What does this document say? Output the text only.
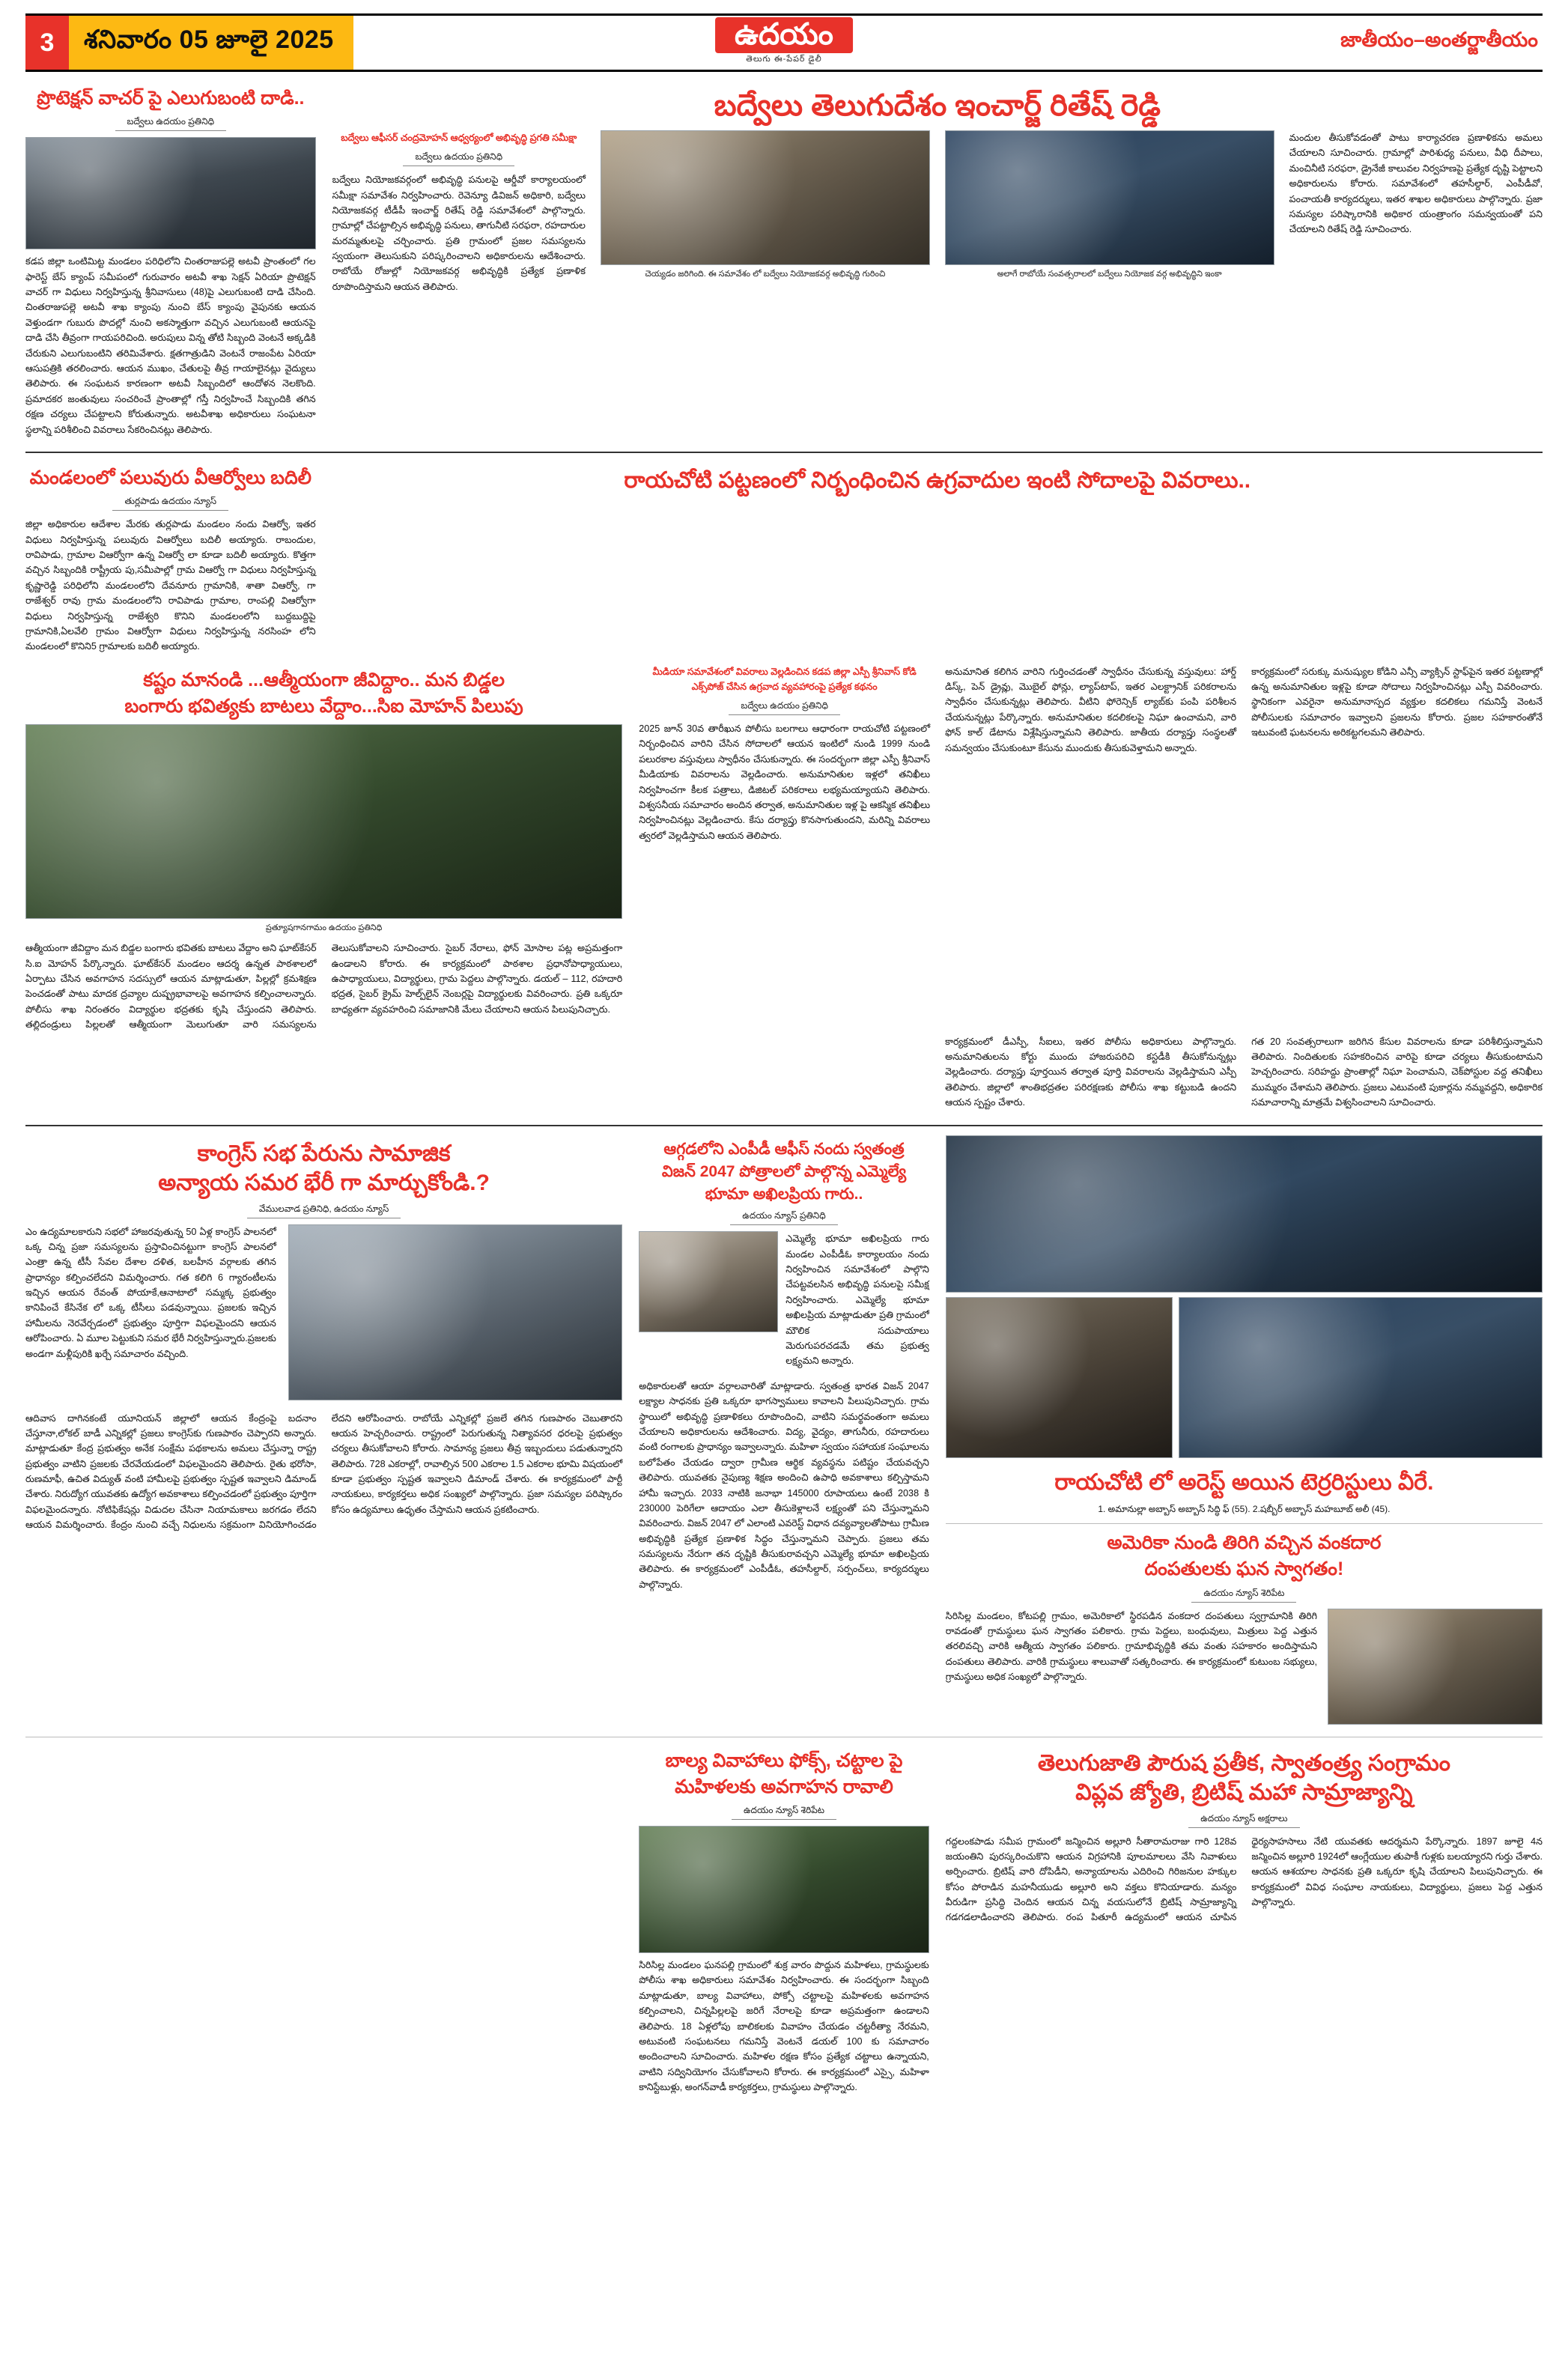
3	శనివారం 05 జూలై 2025	ఉదయం
తెలుగు ఈ-పేపర్ డైలీ
జాతీయం–అంతర్జాతీయం
ప్రొటెక్షన్ వాచర్ పై ఎలుగుబంటి దాడి..
బద్వేలు ఉదయం ప్రతినిధి

కడప జిల్లా ఒంటిమిట్ట మండలం పరిధిలోని చింతరాజుపల్లె అటవీ ప్రాంతంలో గల ఫారెస్ట్ బేస్ క్యాంప్ సమీపంలో గురువారం అటవీ శాఖ సెక్షన్ ఏరియా ప్రొటెక్షన్ వాచర్ గా విధులు నిర్వహిస్తున్న శ్రీనివాసులు (48)పై ఎలుగుబంటి దాడి చేసింది. చింతరాజుపల్లె అటవీ శాఖ క్యాంపు నుంచి బేస్ క్యాంపు వైపునకు ఆయన వెళ్తుండగా గుబురు పొదల్లో నుంచి అకస్మాత్తుగా వచ్చిన ఎలుగుబంటి ఆయనపై దాడి చేసి తీవ్రంగా గాయపరిచింది. అరుపులు విన్న తోటి సిబ్బంది వెంటనే అక్కడికి చేరుకుని ఎలుగుబంటిని తరిమివేశారు. క్షతగాత్రుడిని వెంటనే రాజంపేట ఏరియా ఆసుపత్రికి తరలించారు. ఆయన ముఖం, చేతులపై తీవ్ర గాయాలైనట్లు వైద్యులు తెలిపారు. ఈ సంఘటన కారణంగా అటవీ సిబ్బందిలో ఆందోళన నెలకొంది. ప్రమాదకర జంతువులు సంచరించే ప్రాంతాల్లో గస్తీ నిర్వహించే సిబ్బందికి తగిన రక్షణ చర్యలు చేపట్టాలని కోరుతున్నారు. అటవీశాఖ అధికారులు సంఘటనా స్థలాన్ని పరిశీలించి వివరాలు సేకరించినట్లు తెలిపారు.

బద్వేలు తెలుగుదేశం ఇంచార్జ్ రితేష్ రెడ్డి
బద్వేలు ఆఫీసర్ చంద్రమోహన్ ఆధ్వర్యంలో అభివృద్ధి ప్రగతి సమీక్షా
బద్వేలు ఉదయం ప్రతినిధి

బద్వేలు నియోజకవర్గంలో అభివృద్ధి పనులపై ఆర్డీవో కార్యాలయంలో సమీక్షా సమావేశం నిర్వహించారు. రెవెన్యూ డివిజన్ అధికారి, బద్వేలు నియోజకవర్గ టీడీపీ ఇంచార్జ్ రితేష్ రెడ్డి సమావేశంలో పాల్గొన్నారు. గ్రామాల్లో చేపట్టాల్సిన అభివృద్ధి పనులు, తాగునీటి సరఫరా, రహదారుల మరమ్మతులపై చర్చించారు. ప్రతి గ్రామంలో ప్రజల సమస్యలను స్వయంగా తెలుసుకుని పరిష్కరించాలని అధికారులను ఆదేశించారు. రాబోయే రోజుల్లో నియోజకవర్గ అభివృద్ధికి ప్రత్యేక ప్రణాళిక రూపొందిస్తామని ఆయన తెలిపారు.

చెయ్యడం జరిగింది. ఈ సమావేశం లో బద్వేలు నియోజకవర్గ అభివృద్ధి గురించి	అలాగే రాబోయే సంవత్సరాలలో బద్వేలు నియోజక వర్గ అభివృద్ధిని ఇంకా

మందుల తీసుకోవడంతో పాటు కార్యాచరణ ప్రణాళికను అమలు చేయాలని సూచించారు. గ్రామాల్లో పారిశుధ్య పనులు, వీధి దీపాలు, మంచినీటి సరఫరా, డ్రైనేజీ కాలువల నిర్వహణపై ప్రత్యేక దృష్టి పెట్టాలని అధికారులను కోరారు. సమావేశంలో తహసీల్దార్, ఎంపీడీవో, పంచాయతీ కార్యదర్శులు, ఇతర శాఖల అధికారులు పాల్గొన్నారు. ప్రజా సమస్యల పరిష్కారానికి అధికార యంత్రాంగం సమన్వయంతో పని చేయాలని రితేష్ రెడ్డి సూచించారు.

మండలంలో పలువురు వీఆర్వోలు బదిలీ
తుర్లపాడు ఉదయం న్యూస్

జిల్లా అధికారుల ఆదేశాల మేరకు తుర్లపాడు మండలం నందు విఆర్వో, ఇతర విధులు నిర్వహిస్తున్న పలువురు విఆర్వోలు బదిలీ అయ్యారు. రాబందుల, రావిపాడు, గ్రామాల విఆర్వోగా ఉన్న విఆర్వో లా కూడా బదిలీ అయ్యారు. కొత్తగా వచ్చిన సిబ్బందికి రాష్ట్రీయ పు,సమీపాల్లో గ్రామ విఆర్వో గా విధులు నిర్వహిస్తున్న కృష్ణారెడ్డి పరిధిలోని మండలంలోని దేవనూరు గ్రామానికి, శాతా విఆర్వో, గా రాజేశ్వర్ రావు గ్రామ మండలంలోని రావిపాడు గ్రామాల, రాంపల్లి విఆర్వోగా విధులు నిర్వహిస్తున్న రాజేశ్వరి కొనిని మండలంలోని బుద్దబుద్దిపై గ్రామానికి,ఏలవేలి గ్రామం విఆర్వోగా విధులు నిర్వహిస్తున్న నరసింహ లోని మండలంలో కొనిని5 గ్రామాలకు బదిలీ అయ్యారు.

రాయచోటి పట్టణంలో నిర్బంధించిన ఉగ్రవాదుల ఇంటి సోదాలపై వివరాలు..
కష్టం మానండి ...ఆత్మీయంగా జీవిద్దాం.. మన బిడ్డల
బంగారు భవిత్యకు బాటలు వేద్దాం...సిఐ మోహన్ పిలుపు
ప్రత్యూషగానగామం ఉదయం ప్రతినిధి

ఆత్మీయంగా జీవిద్దాం మన బిడ్డల బంగారు భవితకు బాటలు వేద్దాం అని ఘాట్‌కేసర్ సి.ఐ మోహన్ పేర్కొన్నారు. ఘాట్‌కేసర్ మండలం ఆదర్శ ఉన్నత పాఠశాలలో ఏర్పాటు చేసిన అవగాహన సదస్సులో ఆయన మాట్లాడుతూ, పిల్లల్లో క్రమశిక్షణ పెంచడంతో పాటు మాదక ద్రవ్యాల దుష్ప్రభావాలపై అవగాహన కల్పించాలన్నారు. పోలీసు శాఖ నిరంతరం విద్యార్థుల భద్రతకు కృషి చేస్తుందని తెలిపారు. తల్లిదండ్రులు పిల్లలతో ఆత్మీయంగా మెలుగుతూ వారి సమస్యలను తెలుసుకోవాలని సూచించారు. సైబర్ నేరాలు, ఫోన్ మోసాల పట్ల అప్రమత్తంగా ఉండాలని కోరారు. ఈ కార్యక్రమంలో పాఠశాల ప్రధానోపాధ్యాయులు, ఉపాధ్యాయులు, విద్యార్థులు, గ్రామ పెద్దలు పాల్గొన్నారు. డయల్ – 112, రహదారి భద్రత, సైబర్ క్రైమ్ హెల్ప్‌లైన్ నెంబర్లపై విద్యార్థులకు వివరించారు. ప్రతి ఒక్కరూ బాధ్యతగా వ్యవహరించి సమాజానికి మేలు చేయాలని ఆయన పిలుపునిచ్చారు.

మీడియా సమావేశంలో వివరాలు వెల్లడించిన కడప జిల్లా ఎస్పీ శ్రీనివాస్ కోడి ఎక్స్‌పోజ్ చేసిన ఉగ్రవాద వ్యవహారంపై ప్రత్యేక కథనం
బద్వేలు ఉదయం ప్రతినిధి

2025 జూన్ 30వ తారీఖున పోలీసు బలగాలు ఆధారంగా రాయచోటి పట్టణంలో నిర్బంధించిన వారిని చేసిన సోదాలలో ఆయన ఇంటిలో నుండి 1999 నుండి పలురకాల వస్తువులు స్వాధీనం చేసుకున్నారు. ఈ సందర్భంగా జిల్లా ఎస్పీ శ్రీనివాస్ మీడియాకు వివరాలను వెల్లడించారు. అనుమానితుల ఇళ్లలో తనిఖీలు నిర్వహించగా కీలక పత్రాలు, డిజిటల్ పరికరాలు లభ్యమయ్యాయని తెలిపారు. విశ్వసనీయ సమాచారం అందిన తర్వాత, అనుమానితుల ఇళ్ల పై ఆకస్మిక తనిఖీలు నిర్వహించినట్లు వెల్లడించారు. కేసు దర్యాప్తు కొనసాగుతుందని, మరిన్ని వివరాలు త్వరలో వెల్లడిస్తామని ఆయన తెలిపారు.

అనుమానిత కలిగిన వారిని గుర్తించడంతో స్వాధీనం చేసుకున్న వస్తువులు: హార్డ్ డిస్క్, పెన్ డ్రైవ్లు, మొబైల్ ఫోన్లు, ల్యాప్‌టాప్, ఇతర ఎలక్ట్రానిక్ పరికరాలను స్వాధీనం చేసుకున్నట్లు తెలిపారు. వీటిని ఫోరెన్సిక్ ల్యాబ్‌కు పంపి పరిశీలన చేయనున్నట్లు పేర్కొన్నారు. అనుమానితుల కదలికలపై నిఘా ఉంచామని, వారి ఫోన్ కాల్ డేటాను విశ్లేషిస్తున్నామని తెలిపారు. జాతీయ దర్యాప్తు సంస్థలతో సమన్వయం చేసుకుంటూ కేసును ముందుకు తీసుకువెళ్తామని అన్నారు.

కార్యక్రమంలో సరుక్కు మనుష్యుల కోడిని ఎన్సీ వ్యాక్సిన్ స్టాఫ్‌పైన ఇతర పట్టణాల్లో ఉన్న అనుమానితుల ఇళ్లపై కూడా సోదాలు నిర్వహించినట్లు ఎస్పీ వివరించారు. స్థానికంగా ఎవరైనా అనుమానాస్పద వ్యక్తుల కదలికలు గమనిస్తే వెంటనే పోలీసులకు సమాచారం ఇవ్వాలని ప్రజలను కోరారు. ప్రజల సహకారంతోనే ఇటువంటి ఘటనలను అరికట్టగలమని తెలిపారు.

కార్యక్రమంలో డీఎస్పీ, సీఐలు, ఇతర పోలీసు అధికారులు పాల్గొన్నారు. అనుమానితులను కోర్టు ముందు హాజరుపరిచి కస్టడీకి తీసుకోనున్నట్లు వెల్లడించారు. దర్యాప్తు పూర్తయిన తర్వాత పూర్తి వివరాలను వెల్లడిస్తామని ఎస్పీ తెలిపారు. జిల్లాలో శాంతిభద్రతల పరిరక్షణకు పోలీసు శాఖ కట్టుబడి ఉందని ఆయన స్పష్టం చేశారు.

గత 20 సంవత్సరాలుగా జరిగిన కేసుల వివరాలను కూడా పరిశీలిస్తున్నామని తెలిపారు. నిందితులకు సహకరించిన వారిపై కూడా చర్యలు తీసుకుంటామని హెచ్చరించారు. సరిహద్దు ప్రాంతాల్లో నిఘా పెంచామని, చెక్‌పోస్టుల వద్ద తనిఖీలు ముమ్మరం చేశామని తెలిపారు. ప్రజలు ఎటువంటి పుకార్లను నమ్మవద్దని, అధికారిక సమాచారాన్ని మాత్రమే విశ్వసించాలని సూచించారు.

కాంగ్రెస్ సభ పేరును సామాజిక
అన్యాయ సమర భేరీ గా మార్చుకోండి.?
వేములవాడ ప్రతినిధి, ఉదయం న్యూస్

ఎం ఉద్యమాలకారుని సభలో హాజరవుతున్న 50 ఏళ్ల కాంగ్రెస్ పాలనలో ఒక్క చిన్న ప్రజా సమస్యలను ప్రస్తావించినట్టుగా కాంగ్రెస్ పాలనలో ఎంత్రా ఉన్న టీసీ సేవల దేశాల దళిత, బలహీన వర్గాలకు తగిన ప్రాధాన్యం కల్పించలేదని విమర్శించారు. గత కలిగి 6 గ్యారంటీలను ఇచ్చిన ఆయన రేవంత్ పోయాకే,ఆనాటాలో సమ్మక్క ప్రభుత్వం కానిపించే కేసినేక లో ఒక్క టీసీలు పడవున్నాయి. ప్రజలకు ఇచ్చిన హామీలను నెరవేర్చడంలో ప్రభుత్వం పూర్తిగా విఫలమైందని ఆయన ఆరోపించారు. ఏ మూల పెట్టుకుని సమర భేరీ నిర్వహిస్తున్నారు.ప్రజలకు అండగా మళ్లీపురికి ఖర్చే సమాచారం వచ్చింది.

ఆదివాస దాగినకంటే యూనియన్ జిల్లాలో ఆయన కేంద్రంపై బదనాం చేస్తూనా,లోకల్ బాడీ ఎన్నికల్లో ప్రజలు కాంగ్రెస్‌కు గుణపాఠం చెప్పారని అన్నారు. మాట్లాడుతూ కేంద్ర ప్రభుత్వం అనేక సంక్షేమ పథకాలను అమలు చేస్తున్నా రాష్ట్ర ప్రభుత్వం వాటిని ప్రజలకు చేరవేయడంలో విఫలమైందని తెలిపారు. రైతు భరోసా, రుణమాఫీ, ఉచిత విద్యుత్ వంటి హామీలపై ప్రభుత్వం స్పష్టత ఇవ్వాలని డిమాండ్ చేశారు. నిరుద్యోగ యువతకు ఉద్యోగ అవకాశాలు కల్పించడంలో ప్రభుత్వం పూర్తిగా విఫలమైందన్నారు. నోటిఫికేషన్లు విడుదల చేసినా నియామకాలు జరగడం లేదని ఆయన విమర్శించారు. కేంద్రం నుంచి వచ్చే నిధులను సక్రమంగా వినియోగించడం లేదని ఆరోపించారు. రాబోయే ఎన్నికల్లో ప్రజలే తగిన గుణపాఠం చెబుతారని ఆయన హెచ్చరించారు. రాష్ట్రంలో పెరుగుతున్న నిత్యావసర ధరలపై ప్రభుత్వం చర్యలు తీసుకోవాలని కోరారు. సామాన్య ప్రజలు తీవ్ర ఇబ్బందులు పడుతున్నారని తెలిపారు. 728 ఎకరాల్లో, రావాల్సిన 500 ఎకరాల 1.5 ఎకరాల భూమి విషయంలో కూడా ప్రభుత్వం స్పష్టత ఇవ్వాలని డిమాండ్ చేశారు. ఈ కార్యక్రమంలో పార్టీ నాయకులు, కార్యకర్తలు అధిక సంఖ్యలో పాల్గొన్నారు. ప్రజా సమస్యల పరిష్కారం కోసం ఉద్యమాలు ఉధృతం చేస్తామని ఆయన ప్రకటించారు.

ఆగ్గడలోని ఎంపీడీ ఆఫీస్ నందు స్వతంత్ర
విజన్ 2047 పోత్రాలలో పాల్గొన్న ఎమ్మెల్యే
భూమా అఖిలప్రియ గారు..
ఉదయం న్యూస్ ప్రతినిధి

ఎమ్మెల్యే భూమా అఖిలప్రియ గారు మండల ఎంపీడీఓ కార్యాలయం నందు నిర్వహించిన సమావేశంలో పాల్గొని చేపట్టవలసిన అభివృద్ధి పనులపై సమీక్ష నిర్వహించారు. ఎమ్మెల్యే భూమా అఖిలప్రియ మాట్లాడుతూ ప్రతి గ్రామంలో మౌలిక సదుపాయాలు మెరుగుపరచడమే తమ ప్రభుత్వ లక్ష్యమని అన్నారు.

అధికారులతో ఆయా వర్గాలవారితో మాట్లాడారు. స్వతంత్ర భారత విజన్ 2047 లక్ష్యాల సాధనకు ప్రతి ఒక్కరూ భాగస్వాములు కావాలని పిలుపునిచ్చారు. గ్రామ స్థాయిలో అభివృద్ధి ప్రణాళికలు రూపొందించి, వాటిని సమర్థవంతంగా అమలు చేయాలని అధికారులను ఆదేశించారు. విద్య, వైద్యం, తాగునీరు, రహదారులు వంటి రంగాలకు ప్రాధాన్యం ఇవ్వాలన్నారు. మహిళా స్వయం సహాయక సంఘాలను బలోపేతం చేయడం ద్వారా గ్రామీణ ఆర్థిక వ్యవస్థను పటిష్టం చేయవచ్చని తెలిపారు. యువతకు నైపుణ్య శిక్షణ అందించి ఉపాధి అవకాశాలు కల్పిస్తామని హామీ ఇచ్చారు. 2033 నాటికి జనాభా 145000 రూపాయలు ఉంటే 2038 కి 230000 పెరిగేలా ఆదాయం ఎలా తీసుకెళ్లాలనే లక్ష్యంతో పని చేస్తున్నామని వివరించారు. విజన్ 2047 లో ఎలాంటి ఎవరెస్ట్ విధాన దవ్యవ్యాలతోపాటు గ్రామీణ అభివృద్ధికి ప్రత్యేక ప్రణాళిక సిద్ధం చేస్తున్నామని చెప్పారు. ప్రజలు తమ సమస్యలను నేరుగా తన దృష్టికి తీసుకురావచ్చని ఎమ్మెల్యే భూమా అఖిలప్రియ తెలిపారు. ఈ కార్యక్రమంలో ఎంపీడీఓ, తహసీల్దార్, సర్పంచ్‌లు, కార్యదర్శులు పాల్గొన్నారు.

రాయచోటి లో అరెస్ట్ అయిన టెర్రరిస్టులు వీరే.
1. అమానుల్లా అబ్బాస్ అబ్బాస్ సిద్ధి ఫ్ (55). 2.షబ్బీర్ అబ్బాస్ మహబూబ్ అలీ (45).
అమెరికా నుండి తిరిగి వచ్చిన వంకదార
దంపతులకు ఘన స్వాగతం!
ఉదయం న్యూస్ శెరిపేట

సిరిసిల్ల మండలం, కోటపల్లి గ్రామం, అమెరికాలో స్థిరపడిన వంకదార దంపతులు స్వగ్రామానికి తిరిగి రావడంతో గ్రామస్థులు ఘన స్వాగతం పలికారు. గ్రామ పెద్దలు, బంధువులు, మిత్రులు పెద్ద ఎత్తున తరలివచ్చి వారికి ఆత్మీయ స్వాగతం పలికారు. గ్రామాభివృద్ధికి తమ వంతు సహకారం అందిస్తామని దంపతులు తెలిపారు. వారికి గ్రామస్థులు శాలువాతో సత్కరించారు. ఈ కార్యక్రమంలో కుటుంబ సభ్యులు, గ్రామస్థులు అధిక సంఖ్యలో పాల్గొన్నారు.

బాల్య వివాహాలు ఫోక్స్, చట్టాల పై
మహిళలకు అవగాహన రావాలి
ఉదయం న్యూస్ శెరిపేట

సిరిసిల్ల మండలం ఘనపల్లి గ్రామంలో శుక్ర వారం పొద్దున మహిళలు, గ్రామస్థులకు పోలీసు శాఖ అధికారులు సమావేశం నిర్వహించారు. ఈ సందర్భంగా సిబ్బంది మాట్లాడుతూ, బాల్య వివాహాలు, పోక్సో చట్టాలపై మహిళలకు అవగాహన కల్పించాలని, చిన్నపిల్లలపై జరిగే నేరాలపై కూడా అప్రమత్తంగా ఉండాలని తెలిపారు. 18 ఏళ్లలోపు బాలికలకు వివాహం చేయడం చట్టరీత్యా నేరమని, అటువంటి సంఘటనలు గమనిస్తే వెంటనే డయల్ 100 కు సమాచారం అందించాలని సూచించారు. మహిళల రక్షణ కోసం ప్రత్యేక చట్టాలు ఉన్నాయని, వాటిని సద్వినియోగం చేసుకోవాలని కోరారు. ఈ కార్యక్రమంలో ఎస్సై, మహిళా కానిస్టేబుళ్లు, అంగన్‌వాడీ కార్యకర్తలు, గ్రామస్థులు పాల్గొన్నారు.

తెలుగుజాతి పౌరుష ప్రతీక, స్వాతంత్ర్య సంగ్రామం
విప్లవ జ్యోతి, బ్రిటిష్ మహా సామ్రాజ్యాన్ని
ఉదయం న్యూస్ అక్షరాలు

గద్దలంకపాడు సమీప గ్రామంలో జన్మించిన అల్లూరి సీతారామరాజు గారి 128వ జయంతిని పురస్కరించుకొని ఆయన విగ్రహానికి పూలమాలలు వేసి నివాళులు అర్పించారు. బ్రిటిష్ వారి దోపిడీని, అన్యాయాలను ఎదిరించి గిరిజనుల హక్కుల కోసం పోరాడిన మహనీయుడు అల్లూరి అని వక్తలు కొనియాడారు. మన్యం వీరుడిగా ప్రసిద్ధి చెందిన ఆయన చిన్న వయసులోనే బ్రిటిష్ సామ్రాజ్యాన్ని గడగడలాడించారని తెలిపారు. రంప పితూరీ ఉద్యమంలో ఆయన చూపిన ధైర్యసాహసాలు నేటి యువతకు ఆదర్శమని పేర్కొన్నారు. 1897 జూలై 4న జన్మించిన అల్లూరి 1924లో ఆంగ్లేయుల తుపాకీ గుళ్లకు బలయ్యారని గుర్తు చేశారు. ఆయన ఆశయాల సాధనకు ప్రతి ఒక్కరూ కృషి చేయాలని పిలుపునిచ్చారు. ఈ కార్యక్రమంలో వివిధ సంఘాల నాయకులు, విద్యార్థులు, ప్రజలు పెద్ద ఎత్తున పాల్గొన్నారు.
